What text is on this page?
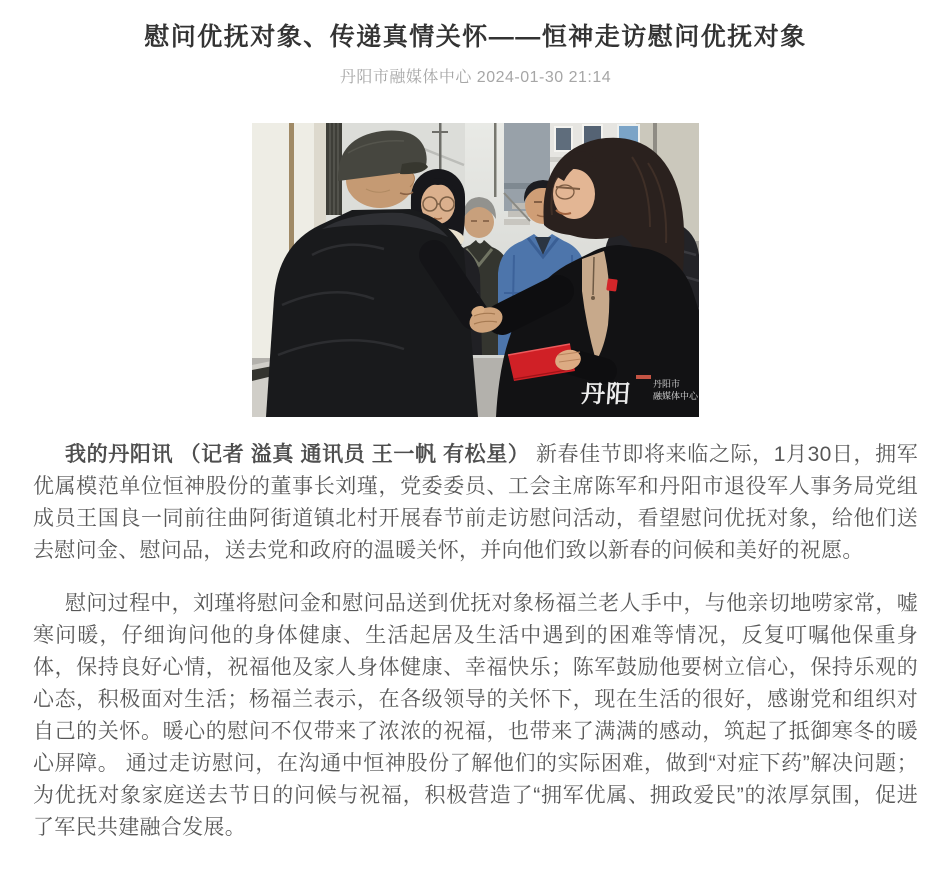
慰问优抚对象、传递真情关怀——恒神走访慰问优抚对象
丹阳市融媒体中心 2024-01-30 21:14
丹阳 丹阳市
融媒体中心

我的丹阳讯 （记者 溢真 通讯员 王一帆 有松星） 新春佳节即将来临之际，1月30日，拥军优属模范单位恒神股份的董事长刘瑾，党委委员、工会主席陈军和丹阳市退役军人事务局党组成员王国良一同前往曲阿街道镇北村开展春节前走访慰问活动，看望慰问优抚对象，给他们送去慰问金、慰问品，送去党和政府的温暖关怀，并向他们致以新春的问候和美好的祝愿。

慰问过程中，刘瑾将慰问金和慰问品送到优抚对象杨福兰老人手中，与他亲切地唠家常，嘘寒问暖，仔细询问他的身体健康、生活起居及生活中遇到的困难等情况，反复叮嘱他保重身体，保持良好心情，祝福他及家人身体健康、幸福快乐；陈军鼓励他要树立信心，保持乐观的心态，积极面对生活；杨福兰表示，在各级领导的关怀下，现在生活的很好，感谢党和组织对自己的关怀。暖心的慰问不仅带来了浓浓的祝福，也带来了满满的感动，筑起了抵御寒冬的暖心屏障。 通过走访慰问，在沟通中恒神股份了解他们的实际困难，做到“对症下药”解决问题；为优抚对象家庭送去节日的问候与祝福，积极营造了“拥军优属、拥政爱民”的浓厚氛围，促进了军民共建融合发展。
